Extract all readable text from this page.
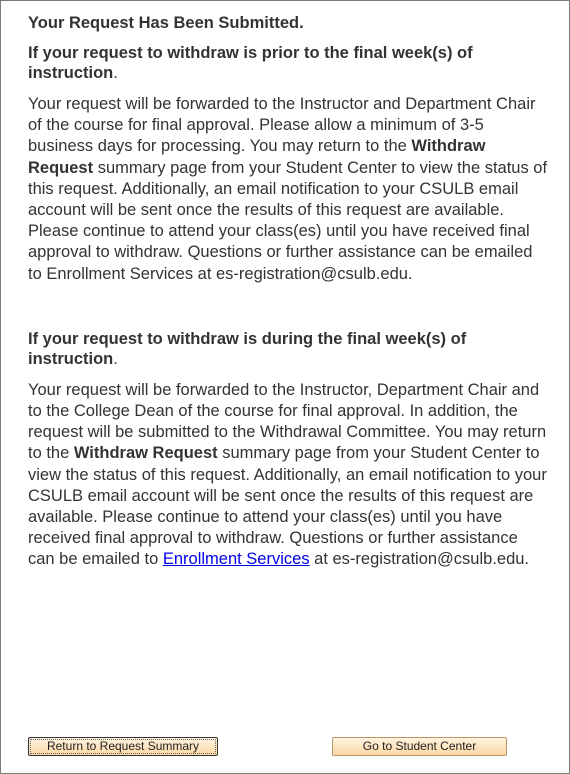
Your Request Has Been Submitted.
If your request to withdraw is prior to the final week(s) of instruction.

Your request will be forwarded to the Instructor and Department Chair of the course for final approval. Please allow a minimum of 3-5 business days for processing. You may return to the Withdraw Request summary page from your Student Center to view the status of this request. Additionally, an email notification to your CSULB email account will be sent once the results of this request are available. Please continue to attend your class(es) until you have received final approval to withdraw. Questions or further assistance can be emailed to Enrollment Services at es-registration@csulb.edu.

If your request to withdraw is during the final week(s) of instruction.

Your request will be forwarded to the Instructor, Department Chair and to the College Dean of the course for final approval. In addition, the request will be submitted to the Withdrawal Committee. You may return to the Withdraw Request summary page from your Student Center to view the status of this request. Additionally, an email notification to your CSULB email account will be sent once the results of this request are available. Please continue to attend your class(es) until you have received final approval to withdraw. Questions or further assistance can be emailed to Enrollment Services at es-registration@csulb.edu.

Return to Request Summary	Go to Student Center
